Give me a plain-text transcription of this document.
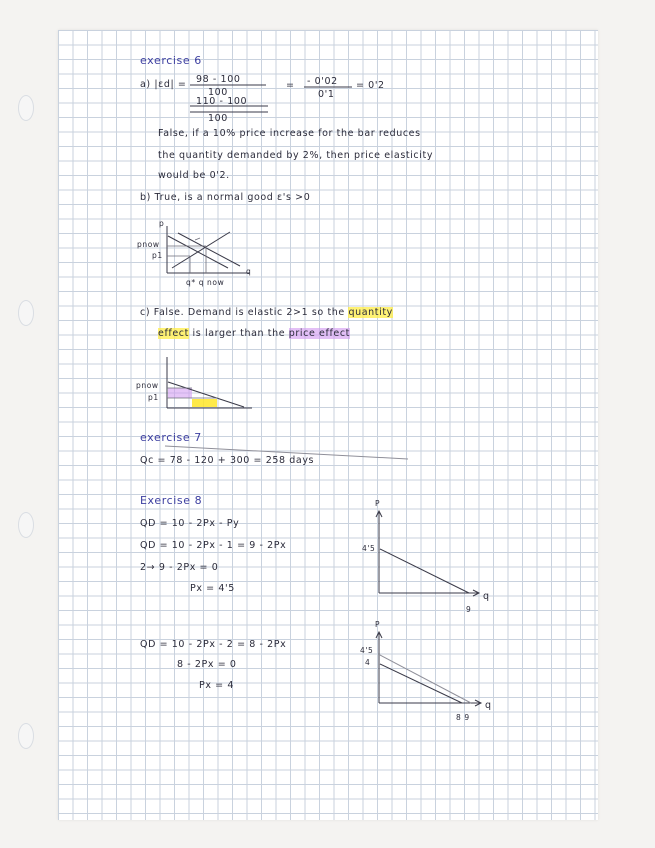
exercise 6
a) |εd| = 98 - 100
100
110 - 100
100
= - 0'02
0'1
= 0'2
False, if a 10% price increase for the bar reduces
the quantity demanded by 2%, then price elasticity
would be 0'2.
b) True, is a normal good ε's >0
p
pnow
p1
q
q* q now
c) False. Demand is elastic 2>1 so the quantity
effect is larger than the price effect
pnow
p1
exercise 7
Qc = 78 - 120 + 300 = 258 days
Exercise 8
QD = 10 - 2Px - Py
QD = 10 - 2Px - 1 = 9 - 2Px
2→ 9 - 2Px = 0
Px = 4'5
QD = 10 - 2Px - 2 = 8 - 2Px
8 - 2Px = 0
Px = 4
P
4'5
q
9
P
4'5
4
q
8 9
